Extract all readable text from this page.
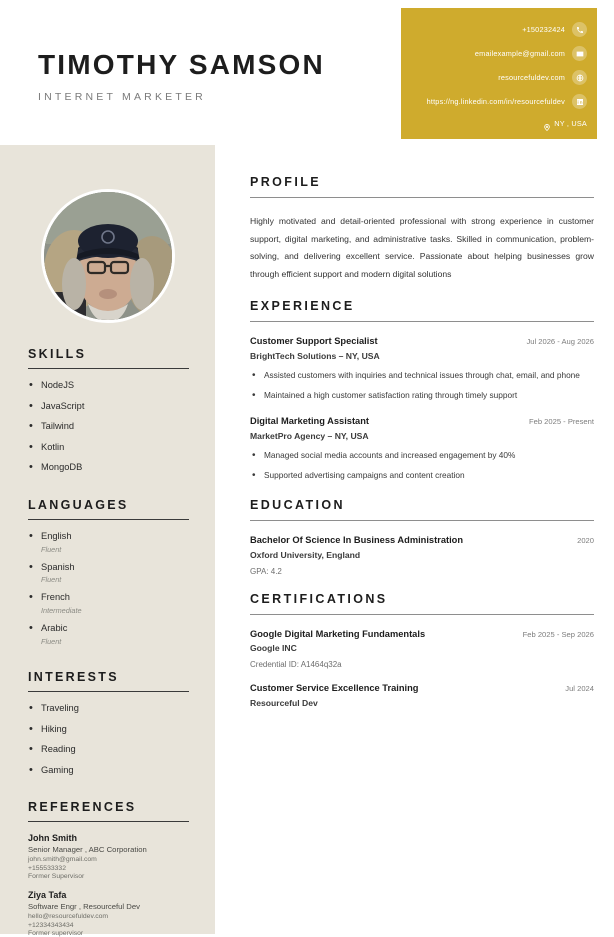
TIMOTHY SAMSON
INTERNET MARKETER
+150232424
emailexample@gmail.com
resourcefuldev.com
https://ng.linkedin.com/in/resourcefuldev
NY , USA
SKILLS
• NodeJS
• JavaScript
• Tailwind
• Kotlin
• MongoDB
LANGUAGES
• English
Fluent
• Spanish
Fluent
• French
Intermediate
• Arabic
Fluent
INTERESTS
• Traveling
• Hiking
• Reading
• Gaming
REFERENCES
John Smith
Senior Manager , ABC Corporation
john.smith@gmail.com
+155533332
Former Supervisor
Ziya Tafa
Software Engr , Resourceful Dev
hello@resourcefuldev.com
+12334343434
Former supervisor
PROFILE
Highly motivated and detail-oriented professional with strong experience in customer support, digital marketing, and administrative tasks. Skilled in communication, problem-solving, and delivering excellent service. Passionate about helping businesses grow through efficient support and modern digital solutions
EXPERIENCE
Customer Support Specialist	Jul 2026 - Aug 2026
BrightTech Solutions – NY, USA
• Assisted customers with inquiries and technical issues through chat, email, and phone
• Maintained a high customer satisfaction rating through timely support
Digital Marketing Assistant	Feb 2025 - Present
MarketPro Agency – NY, USA
• Managed social media accounts and increased engagement by 40%
• Supported advertising campaigns and content creation
EDUCATION
Bachelor Of Science In Business Administration	2020
Oxford University, England
GPA: 4.2
CERTIFICATIONS
Google Digital Marketing Fundamentals	Feb 2025 - Sep 2026
Google INC
Credential ID: A1464q32a
Customer Service Excellence Training	Jul 2024
Resourceful Dev
